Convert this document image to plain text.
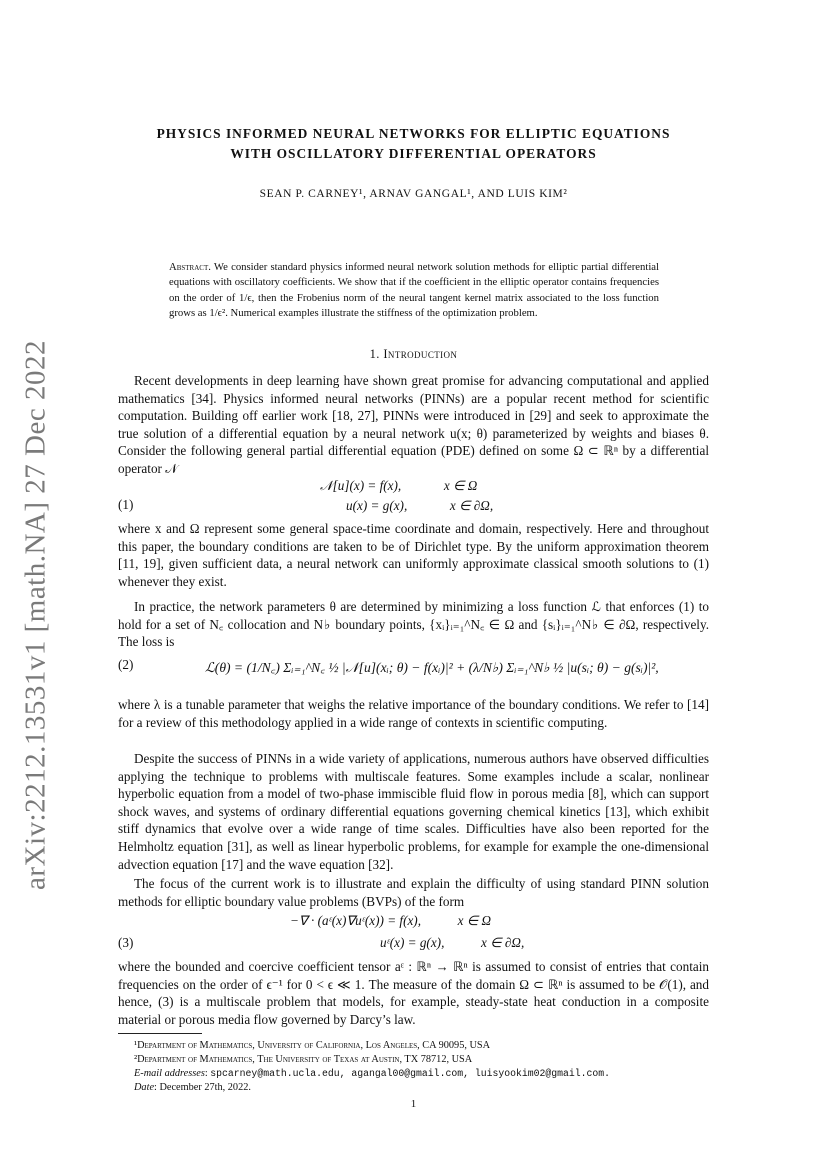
arXiv:2212.13531v1 [math.NA] 27 Dec 2022
PHYSICS INFORMED NEURAL NETWORKS FOR ELLIPTIC EQUATIONS
WITH OSCILLATORY DIFFERENTIAL OPERATORS
SEAN P. CARNEY¹, ARNAV GANGAL¹, AND LUIS KIM²
Abstract. We consider standard physics informed neural network solution methods for elliptic partial differential equations with oscillatory coefficients. We show that if the coefficient in the elliptic operator contains frequencies on the order of 1/ϵ, then the Frobenius norm of the neural tangent kernel matrix associated to the loss function grows as 1/ϵ². Numerical examples illustrate the stiffness of the optimization problem.
1. Introduction
Recent developments in deep learning have shown great promise for advancing computational and applied mathematics [34]. Physics informed neural networks (PINNs) are a popular recent method for scientific computation. Building off earlier work [18, 27], PINNs were introduced in [29] and seek to approximate the true solution of a differential equation by a neural network u(x; θ) parameterized by weights and biases θ. Consider the following general partial differential equation (PDE) defined on some Ω ⊂ ℝⁿ by a differential operator 𝒩
(1)
𝒩[u](x) = f(x),	x ∈ Ω
u(x) = g(x),	x ∈ ∂Ω,
where x and Ω represent some general space-time coordinate and domain, respectively. Here and throughout this paper, the boundary conditions are taken to be of Dirichlet type. By the uniform approximation theorem [11, 19], given sufficient data, a neural network can uniformly approximate classical smooth solutions to (1) whenever they exist.
In practice, the network parameters θ are determined by minimizing a loss function ℒ that enforces (1) to hold for a set of N꜀ collocation and N♭ boundary points, {xᵢ}ᵢ₌₁^N꜀ ∈ Ω and {sᵢ}ᵢ₌₁^N♭ ∈ ∂Ω, respectively. The loss is
(2)	ℒ(θ) = (1/N꜀) Σᵢ₌₁^N꜀ ½ |𝒩[u](xᵢ; θ) − f(xᵢ)|² + (λ/N♭) Σᵢ₌₁^N♭ ½ |u(sᵢ; θ) − g(sᵢ)|²,
where λ is a tunable parameter that weighs the relative importance of the boundary conditions. We refer to [14] for a review of this methodology applied in a wide range of contexts in scientific computing.
Despite the success of PINNs in a wide variety of applications, numerous authors have observed difficulties applying the technique to problems with multiscale features. Some examples include a scalar, nonlinear hyperbolic equation from a model of two-phase immiscible fluid flow in porous media [8], which can support shock waves, and systems of ordinary differential equations governing chemical kinetics [13], which exhibit stiff dynamics that evolve over a wide range of time scales. Difficulties have also been reported for the Helmholtz equation [31], as well as linear hyperbolic problems, for example for example the one-dimensional advection equation [17] and the wave equation [32].
The focus of the current work is to illustrate and explain the difficulty of using standard PINN solution methods for elliptic boundary value problems (BVPs) of the form
(3)
−∇ · (aᵋ(x)∇uᵋ(x)) = f(x),	x ∈ Ω
uᵋ(x) = g(x),	x ∈ ∂Ω,
where the bounded and coercive coefficient tensor aᵋ : ℝⁿ → ℝⁿ is assumed to consist of entries that contain frequencies on the order of ϵ⁻¹ for 0 < ϵ ≪ 1. The measure of the domain Ω ⊂ ℝⁿ is assumed to be 𝒪(1), and hence, (3) is a multiscale problem that models, for example, steady-state heat conduction in a composite material or porous media flow governed by Darcy’s law.
¹Department of Mathematics, University of California, Los Angeles, CA 90095, USA
²Department of Mathematics, The University of Texas at Austin, TX 78712, USA
E-mail addresses: spcarney@math.ucla.edu, agangal00@gmail.com, luisyookim02@gmail.com.
Date: December 27th, 2022.
1
